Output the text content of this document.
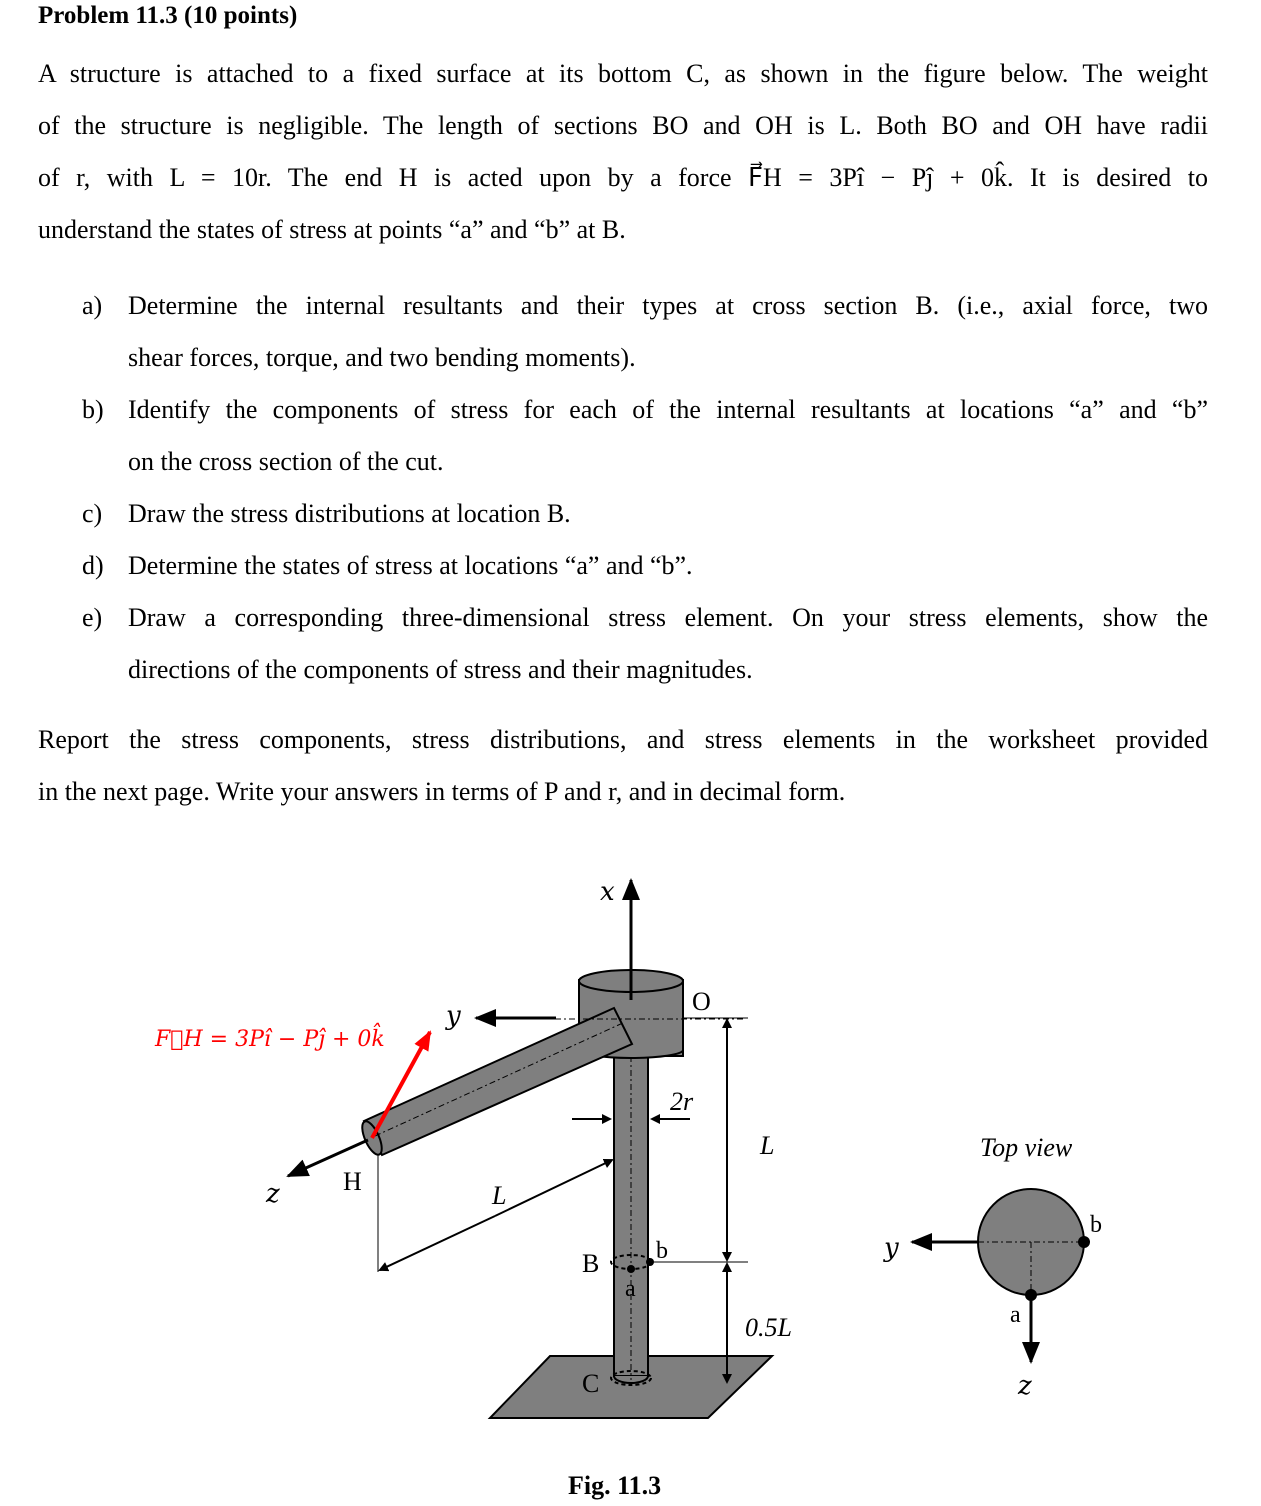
Problem 11.3 (10 points)
A structure is attached to a fixed surface at its bottom C, as shown in the figure below. The weight
of the structure is negligible. The length of sections BO and OH is L. Both BO and OH have radii
of r, with L = 10r. The end H is acted upon by a force F⃗H = 3Pî − Pĵ + 0k̂. It is desired to
understand the states of stress at points “a” and “b” at B.
a) Determine the internal resultants and their types at cross section B. (i.e., axial force, two
shear forces, torque, and two bending moments).
b) Identify the components of stress for each of the internal resultants at locations “a” and “b”
on the cross section of the cut.
c) Draw the stress distributions at location B.
d) Determine the states of stress at locations “a” and “b”.
e) Draw a corresponding three-dimensional stress element. On your stress elements, show the
directions of the components of stress and their magnitudes.
Report the stress components, stress distributions, and stress elements in the worksheet provided
in the next page. Write your answers in terms of P and r, and in decimal form.
F⃗H = 3Pî − Pĵ + 0k̂
x
y
z
O
H
B
C
a
b
2r
L
L
0.5L
Top view
y
z
a
b
Fig. 11.3
